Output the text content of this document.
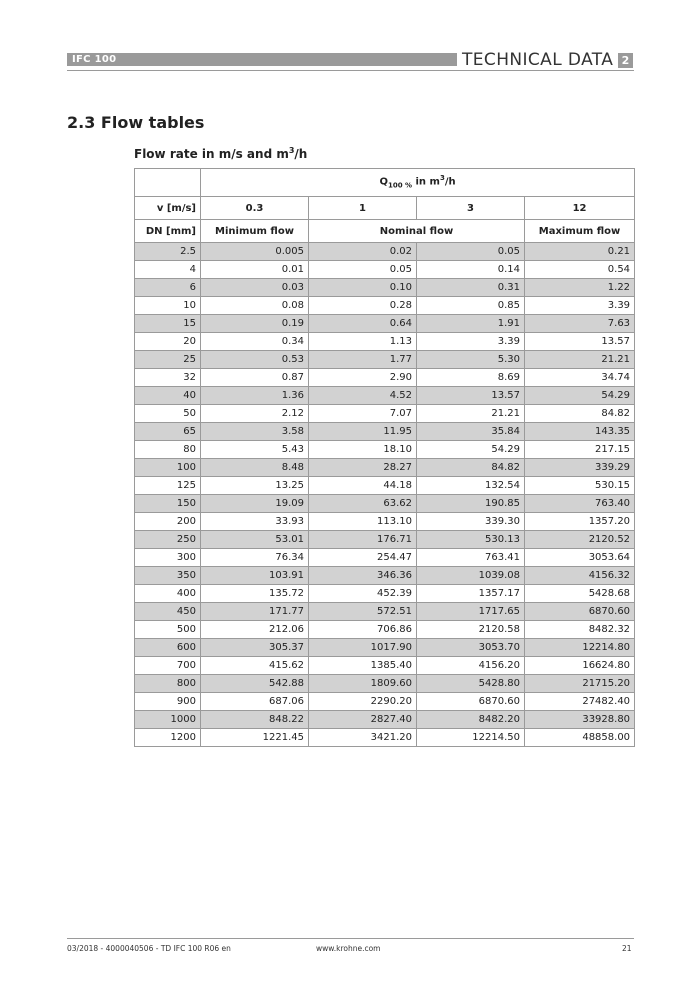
IFC 100	TECHNICAL DATA 2
2.3 Flow tables
Flow rate in m/s and $m^3/h$
	$Q_{100 \%}$ in $m^3/h$			
v [m/s]	0.3	1	3	12
DN [mm]	Minimum flow	Nominal flow		Maximum flow
2.5	0.005	0.02	0.05	0.21
4	0.01	0.05	0.14	0.54
6	0.03	0.10	0.31	1.22
10	0.08	0.28	0.85	3.39
15	0.19	0.64	1.91	7.63
20	0.34	1.13	3.39	13.57
25	0.53	1.77	5.30	21.21
32	0.87	2.90	8.69	34.74
40	1.36	4.52	13.57	54.29
50	2.12	7.07	21.21	84.82
65	3.58	11.95	35.84	143.35
80	5.43	18.10	54.29	217.15
100	8.48	28.27	84.82	339.29
125	13.25	44.18	132.54	530.15
150	19.09	63.62	190.85	763.40
200	33.93	113.10	339.30	1357.20
250	53.01	176.71	530.13	2120.52
300	76.34	254.47	763.41	3053.64
350	103.91	346.36	1039.08	4156.32
400	135.72	452.39	1357.17	5428.68
450	171.77	572.51	1717.65	6870.60
500	212.06	706.86	2120.58	8482.32
600	305.37	1017.90	3053.70	12214.80
700	415.62	1385.40	4156.20	16624.80
800	542.88	1809.60	5428.80	21715.20
900	687.06	2290.20	6870.60	27482.40
1000	848.22	2827.40	8482.20	33928.80
1200	1221.45	3421.20	12214.50	48858.00
03/2018 - 4000040506 - TD IFC 100 R06 en	www.krohne.com	21
